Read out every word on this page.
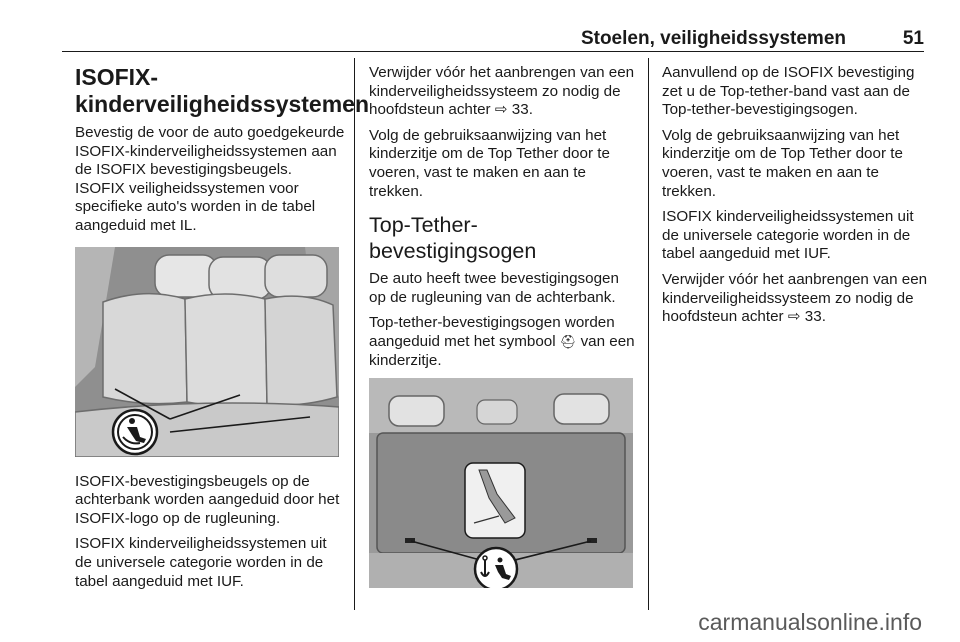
Stoelen, veiligheidssystemen	51
ISOFIX-kinderveiligheidssystemen

Bevestig de voor de auto goedgekeurde ISOFIX-kinderveiligheidssystemen aan de ISOFIX bevestigingsbeugels. ISOFIX veiligheidssystemen voor specifieke auto's worden in de tabel aangeduid met IL.

ISOFIX-bevestigingsbeugels op de achterbank worden aangeduid door het ISOFIX-logo op de rugleuning.

ISOFIX kinderveiligheidssystemen uit de universele categorie worden in de tabel aangeduid met IUF.

Verwijder vóór het aanbrengen van een kinderveiligheidssysteem zo nodig de hoofdsteun achter ⇨ 33.

Volg de gebruiksaanwijzing van het kinderzitje om de Top Tether door te voeren, vast te maken en aan te trekken.

Top-Tether-bevestigingsogen

De auto heeft twee bevestigingsogen op de rugleuning van de achterbank.

Top-tether-bevestigingsogen worden aangeduid met het symbool ⛑ van een kinderzitje.

Aanvullend op de ISOFIX bevestiging zet u de Top-tether-band vast aan de Top-tether-bevestigingsogen.

Volg de gebruiksaanwijzing van het kinderzitje om de Top Tether door te voeren, vast te maken en aan te trekken.

ISOFIX kinderveiligheidssystemen uit de universele categorie worden in de tabel aangeduid met IUF.

Verwijder vóór het aanbrengen van een kinderveiligheidssysteem zo nodig de hoofdsteun achter ⇨ 33.

carmanualsonline.info
